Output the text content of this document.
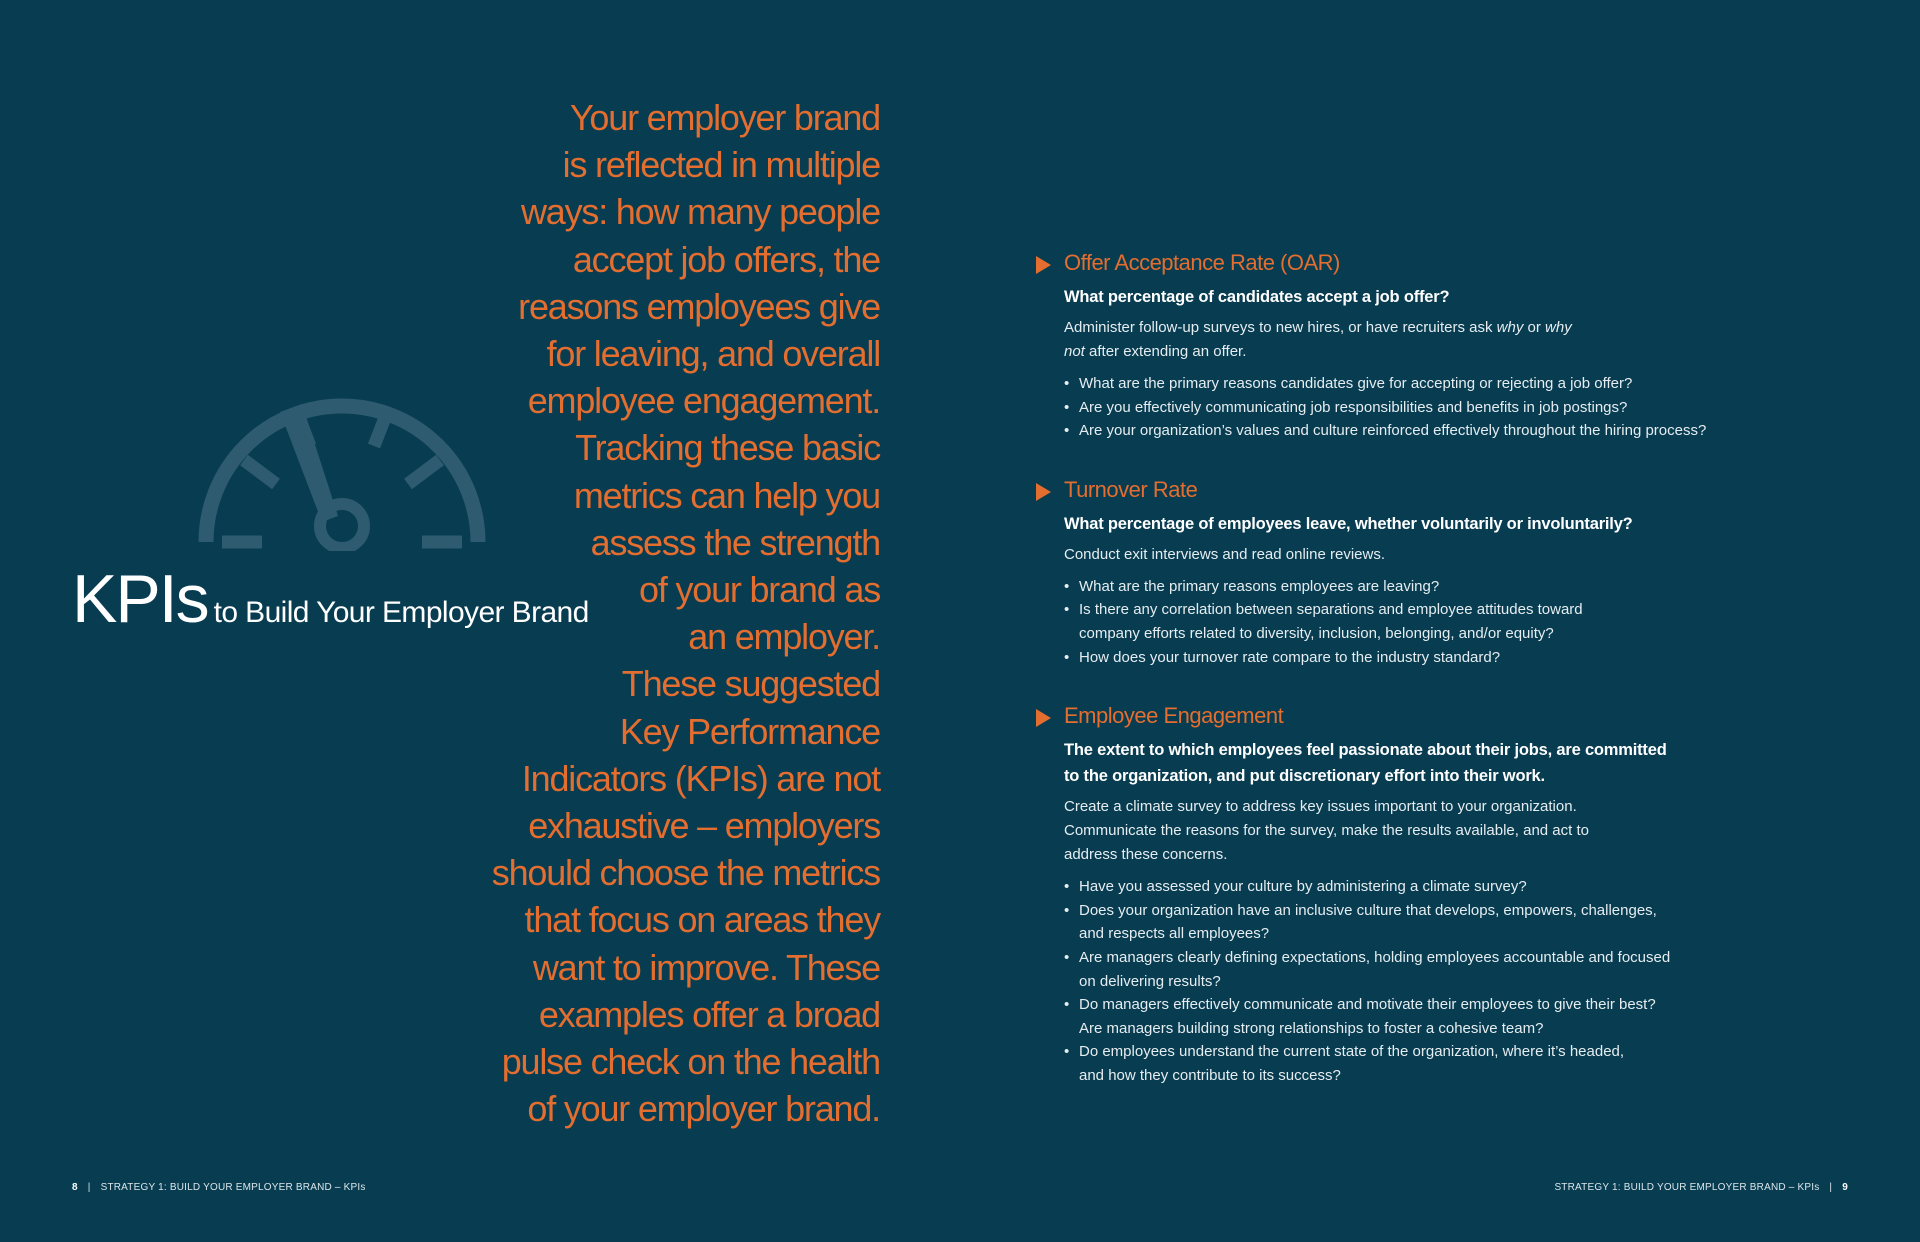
KPIs to Build Your Employer Brand
Your employer brand
is reflected in multiple
ways: how many people
accept job offers, the
reasons employees give
for leaving, and overall
employee engagement.
Tracking these basic
metrics can help you
assess the strength
of your brand as
an employer.
These suggested
Key Performance
Indicators (KPIs) are not
exhaustive – employers
should choose the metrics
that focus on areas they
want to improve. These
examples offer a broad
pulse check on the health
of your employer brand.
Offer Acceptance Rate (OAR)
What percentage of candidates accept a job offer?
Administer follow-up surveys to new hires, or have recruiters ask why or why
not after extending an offer.
• What are the primary reasons candidates give for accepting or rejecting a job offer?
• Are you effectively communicating job responsibilities and benefits in job postings?
• Are your organization’s values and culture reinforced effectively throughout the hiring process?
Turnover Rate
What percentage of employees leave, whether voluntarily or involuntarily?
Conduct exit interviews and read online reviews.
• What are the primary reasons employees are leaving?
• Is there any correlation between separations and employee attitudes toward
company efforts related to diversity, inclusion, belonging, and/or equity?
• How does your turnover rate compare to the industry standard?
Employee Engagement
The extent to which employees feel passionate about their jobs, are committed
to the organization, and put discretionary effort into their work.
Create a climate survey to address key issues important to your organization.
Communicate the reasons for the survey, make the results available, and act to
address these concerns.
• Have you assessed your culture by administering a climate survey?
• Does your organization have an inclusive culture that develops, empowers, challenges,
and respects all employees?
• Are managers clearly defining expectations, holding employees accountable and focused
on delivering results?
• Do managers effectively communicate and motivate their employees to give their best?
Are managers building strong relationships to foster a cohesive team?
• Do employees understand the current state of the organization, where it’s headed,
and how they contribute to its success?
8 | STRATEGY 1: BUILD YOUR EMPLOYER BRAND – KPIs	STRATEGY 1: BUILD YOUR EMPLOYER BRAND – KPIs | 9
